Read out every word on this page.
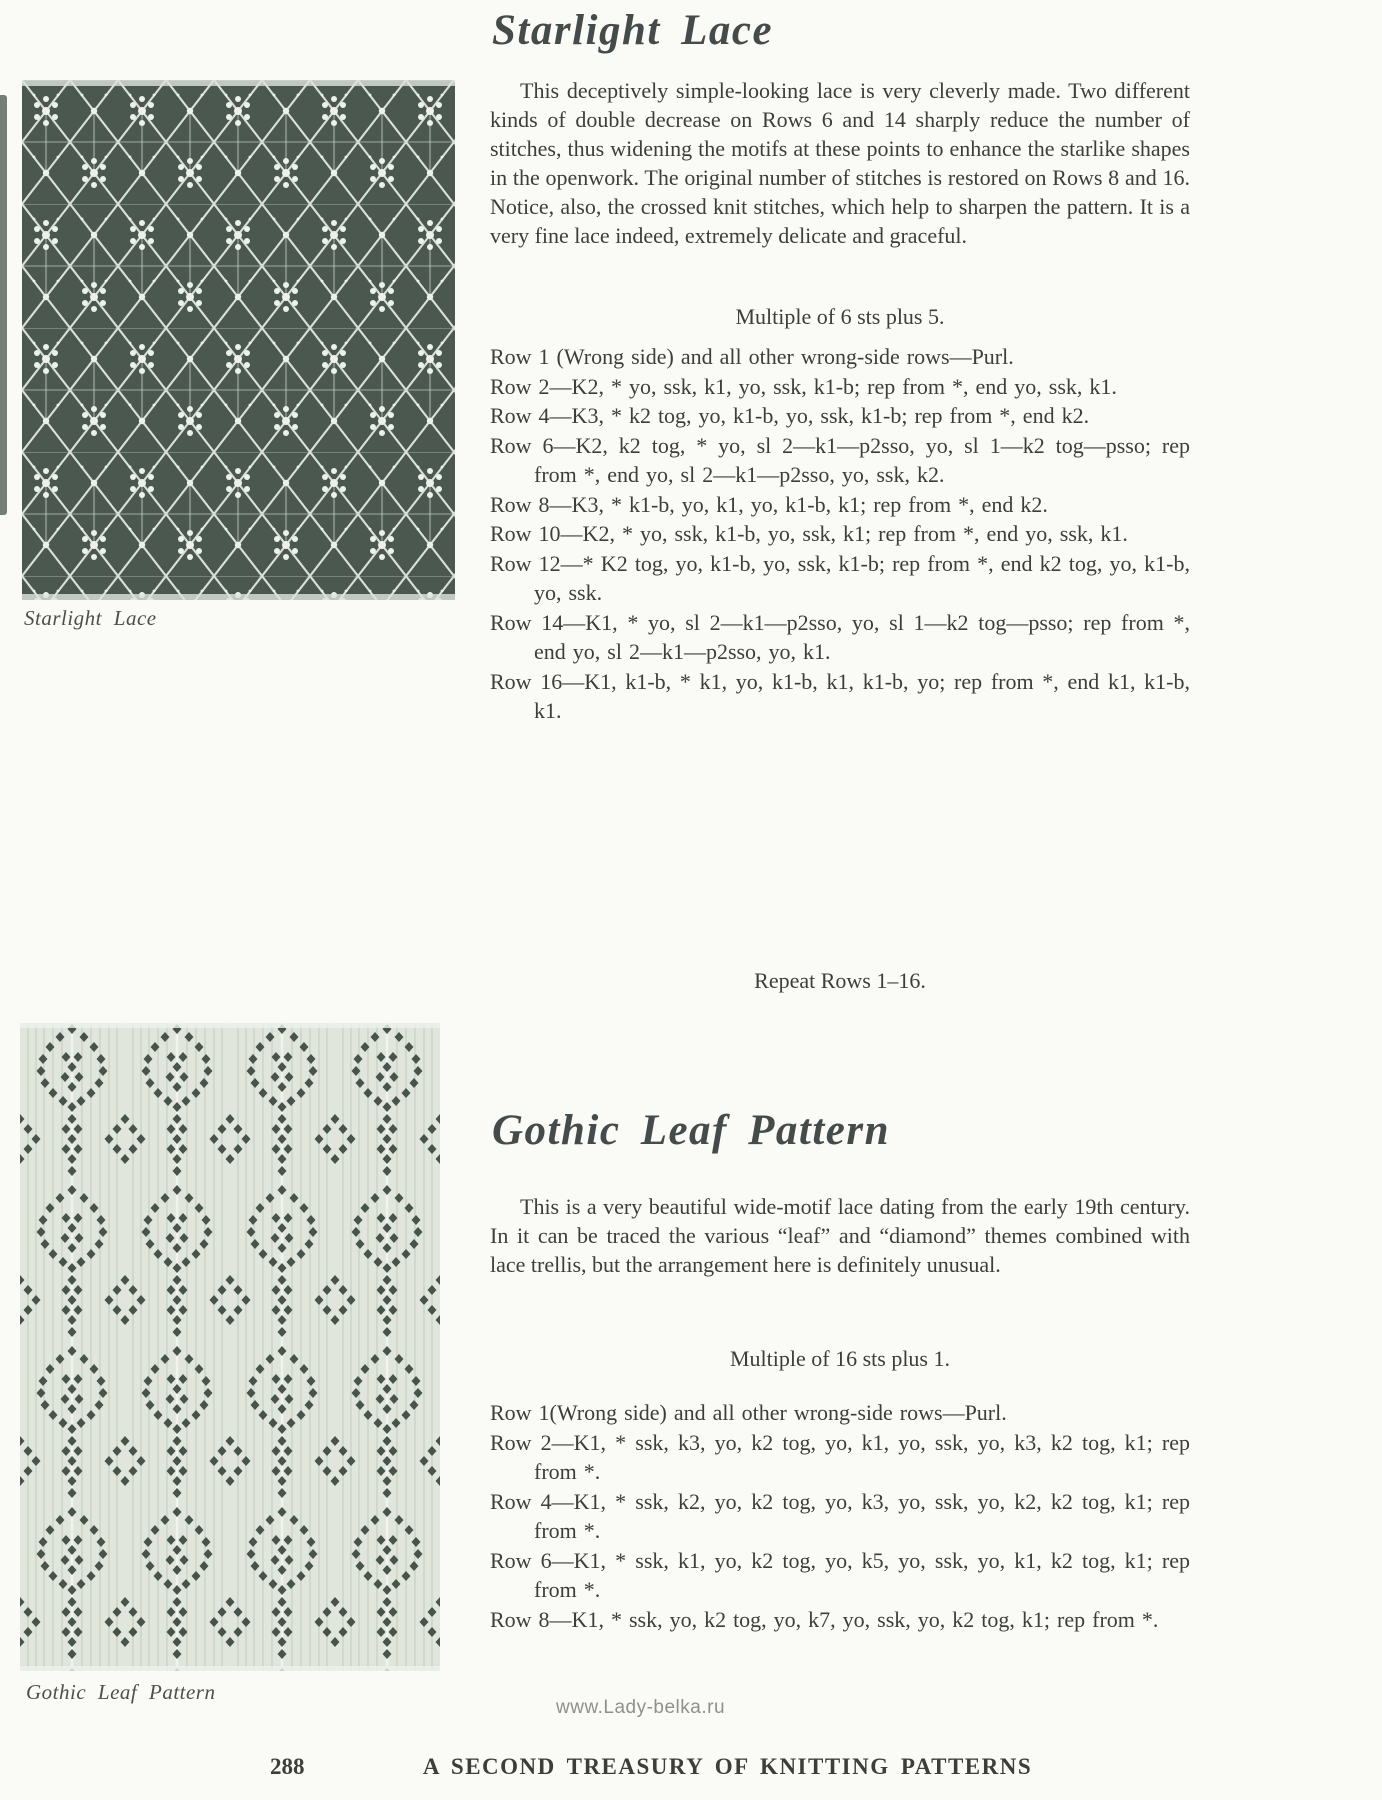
Starlight Lace
Starlight Lace

This deceptively simple-looking lace is very cleverly made. Two different kinds of double decrease on Rows 6 and 14 sharply reduce the number of stitches, thus widening the motifs at these points to enhance the starlike shapes in the openwork. The original number of stitches is restored on Rows 8 and 16. Notice, also, the crossed knit stitches, which help to sharpen the pattern. It is a very fine lace indeed, extremely delicate and graceful.

Multiple of 6 sts plus 5.

Row 1 (Wrong side) and all other wrong-side rows—Purl.

Row 2—K2, * yo, ssk, k1, yo, ssk, k1-b; rep from *, end yo, ssk, k1.

Row 4—K3, * k2 tog, yo, k1-b, yo, ssk, k1-b; rep from *, end k2.

Row 6—K2, k2 tog, * yo, sl 2—k1—p2sso, yo, sl 1—k2 tog—psso; rep from *, end yo, sl 2—k1—p2sso, yo, ssk, k2.

Row 8—K3, * k1-b, yo, k1, yo, k1-b, k1; rep from *, end k2.

Row 10—K2, * yo, ssk, k1-b, yo, ssk, k1; rep from *, end yo, ssk, k1.

Row 12—* K2 tog, yo, k1-b, yo, ssk, k1-b; rep from *, end k2 tog, yo, k1-b, yo, ssk.

Row 14—K1, * yo, sl 2—k1—p2sso, yo, sl 1—k2 tog—psso; rep from *, end yo, sl 2—k1—p2sso, yo, k1.

Row 16—K1, k1-b, * k1, yo, k1-b, k1, k1-b, yo; rep from *, end k1, k1-b, k1.

Repeat Rows 1–16.

Gothic Leaf Pattern
Gothic Leaf Pattern

This is a very beautiful wide-motif lace dating from the early 19th century. In it can be traced the various “leaf” and “diamond” themes combined with lace trellis, but the arrangement here is definitely unusual.

Multiple of 16 sts plus 1.

Row 1(Wrong side) and all other wrong-side rows—Purl.

Row 2—K1, * ssk, k3, yo, k2 tog, yo, k1, yo, ssk, yo, k3, k2 tog, k1; rep from *.

Row 4—K1, * ssk, k2, yo, k2 tog, yo, k3, yo, ssk, yo, k2, k2 tog, k1; rep from *.

Row 6—K1, * ssk, k1, yo, k2 tog, yo, k5, yo, ssk, yo, k1, k2 tog, k1; rep from *.

Row 8—K1, * ssk, yo, k2 tog, yo, k7, yo, ssk, yo, k2 tog, k1; rep from *.

www.Lady-belka.ru
288	A SECOND TREASURY OF KNITTING PATTERNS
